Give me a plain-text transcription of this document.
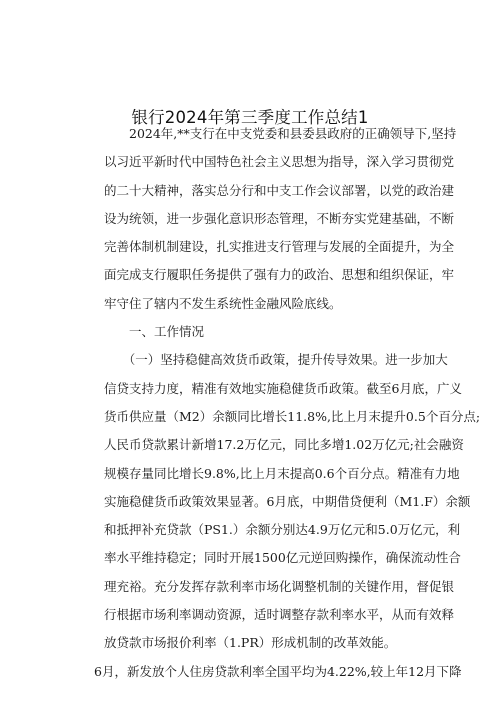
银行2024年第三季度工作总结1
　　2024年,**支行在中支党委和县委县政府的正确领导下,坚持
以习近平新时代中国特色社会主义思想为指导，深入学习贯彻党
的二十大精神，落实总分行和中支工作会议部署，以党的政治建
设为统领，进一步强化意识形态管理，不断夯实党建基础，不断
完善体制机制建设，扎实推进支行管理与发展的全面提升，为全
面完成支行履职任务提供了强有力的政治、思想和组织保证，牢
牢守住了辖内不发生系统性金融风险底线。
　　一、工作情况
　　（一）坚持稳健高效货币政策，提升传导效果。进一步加大
信贷支持力度，精准有效地实施稳健货币政策。截至6月底，广义
货币供应量（M2）余额同比增长11.8%,比上月末提升0.5个百分点;
人民币贷款累计新增17.2万亿元，同比多增1.02万亿元;社会融资
规模存量同比增长9.8%,比上月末提高0.6个百分点。精准有力地
实施稳健货币政策效果显著。6月底，中期借贷便利（M1.F）余额
和抵押补充贷款（PS1.）余额分别达4.9万亿元和5.0万亿元，利
率水平维持稳定；同时开展1500亿元逆回购操作，确保流动性合
理充裕。充分发挥存款利率市场化调整机制的关键作用，督促银
行根据市场利率调动资源，适时调整存款利率水平，从而有效释
放贷款市场报价利率（1.PR）形成机制的改革效能。
6月，新发放个人住房贷款利率全国平均为4.22%,较上年12月下降
